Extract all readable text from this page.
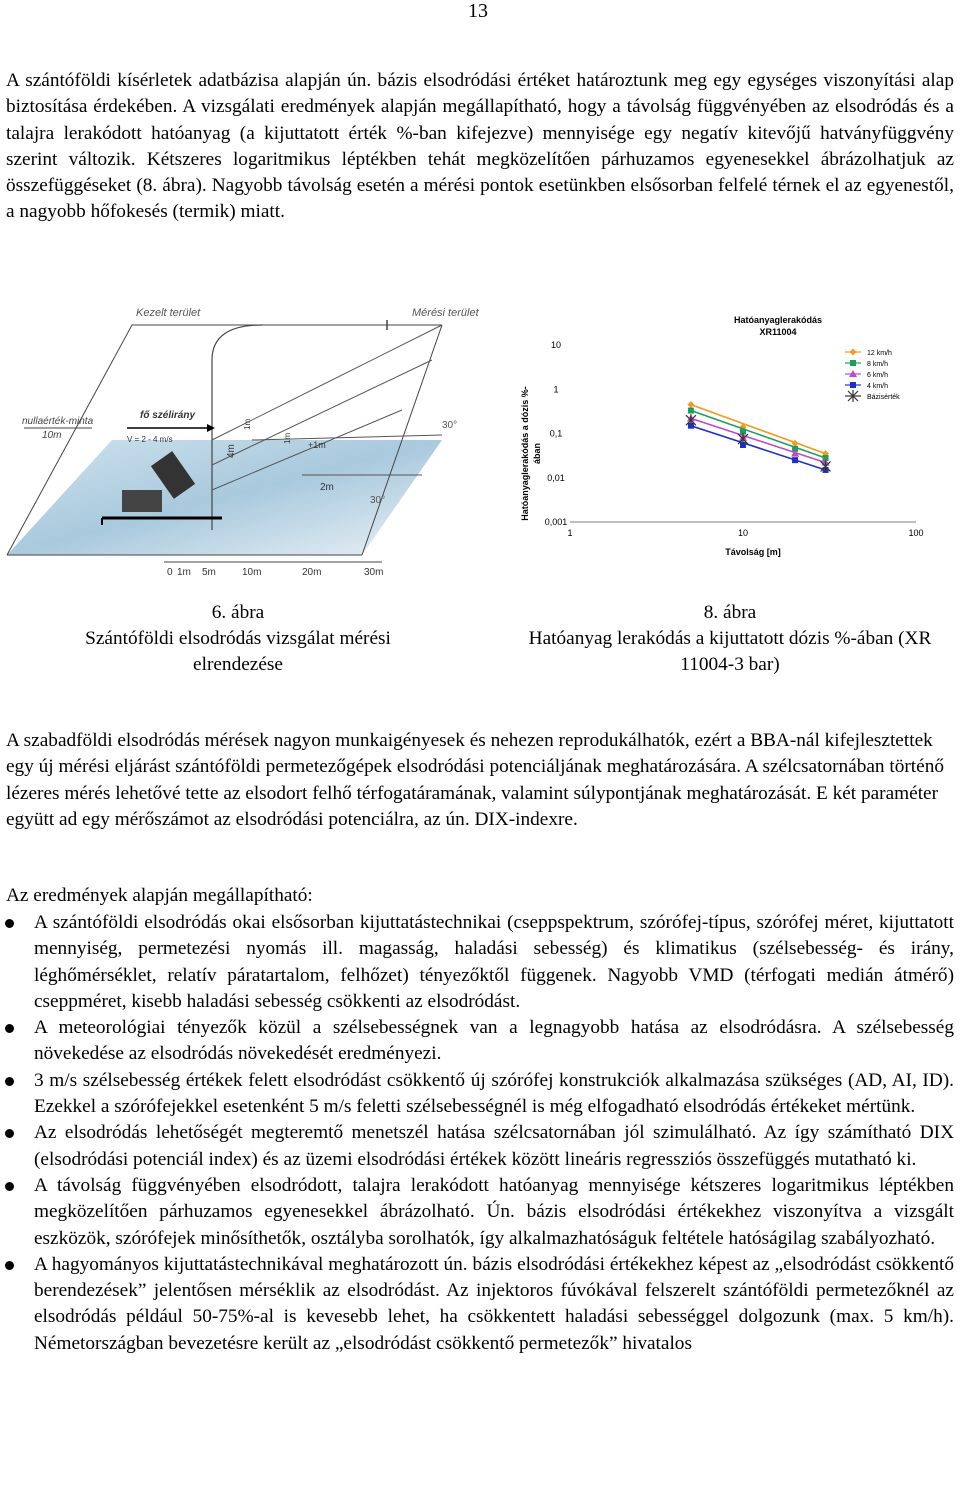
13

A szántóföldi kísérletek adatbázisa alapján ún. bázis elsodródási értéket határoztunk meg egy egységes viszonyítási alap biztosítása érdekében. A vizsgálati eredmények alapján megállapítható, hogy a távolság függvényében az elsodródás és a talajra lerakódott hatóanyag (a kijuttatott érték %-ban kifejezve) mennyisége egy negatív kitevőjű hatványfüggvény szerint változik. Kétszeres logaritmikus léptékben tehát megközelítően párhuzamos egyenesekkel ábrázolhatjuk az összefüggéseket (8. ábra). Nagyobb távolság esetén a mérési pontok esetünkben elsősorban felfelé térnek el az egyenestől, a nagyobb hőfokesés (termik) miatt.

Kezelt terület	Mérési terület
nullaérték-minta
10m
fő szélirány
V = 2 - 4 m/s
4m
1m
1m
+1m
2m
30°
30°
0 1m 5m	10m	20m	30m
6. ábra
Szántóföldi elsodródás vizsgálat mérési elrendezése
Hatóanyaglerakódás
XR11004
10
1
0,1
0,01
0,001
1	10	100
Távolság [m]
Hatóanyaglerakódás a dózis %- ában
12 km/h
8 km/h
6 km/h
4 km/h
Bázisérték
8. ábra
Hatóanyag lerakódás a kijuttatott dózis %-ában (XR 11004-3 bar)

A szabadföldi elsodródás mérések nagyon munkaigényesek és nehezen reprodukálhatók, ezért a BBA-nál kifejlesztettek egy új mérési eljárást szántóföldi permetezőgépek elsodródási potenciáljának meghatározására. A szélcsatornában történő lézeres mérés lehetővé tette az elsodort felhő térfogatáramának, valamint súlypontjának meghatározását. E két paraméter együtt ad egy mérőszámot az elsodródási potenciálra, az ún. DIX-indexre.

Az eredmények alapján megállapítható:

A szántóföldi elsodródás okai elsősorban kijuttatástechnikai (cseppspektrum, szórófej-típus, szórófej méret, kijuttatott mennyiség, permetezési nyomás ill. magasság, haladási sebesség) és klimatikus (szélsebesség- és irány, léghőmérséklet, relatív páratartalom, felhőzet) tényezőktől függenek. Nagyobb VMD (térfogati medián átmérő) cseppméret, kisebb haladási sebesség csökkenti az elsodródást.
A meteorológiai tényezők közül a szélsebességnek van a legnagyobb hatása az elsodródásra. A szélsebesség növekedése az elsodródás növekedését eredményezi.
3 m/s szélsebesség értékek felett elsodródást csökkentő új szórófej konstrukciók alkalmazása szükséges (AD, AI, ID). Ezekkel a szórófejekkel esetenként 5 m/s feletti szélsebességnél is még elfogadható elsodródás értékeket mértünk.
Az elsodródás lehetőségét megteremtő menetszél hatása szélcsatornában jól szimulálható. Az így számítható DIX (elsodródási potenciál index) és az üzemi elsodródási értékek között lineáris regressziós összefüggés mutatható ki.
A távolság függvényében elsodródott, talajra lerakódott hatóanyag mennyisége kétszeres logaritmikus léptékben megközelítően párhuzamos egyenesekkel ábrázolható. Ún. bázis elsodródási értékekhez viszonyítva a vizsgált eszközök, szórófejek minősíthetők, osztályba sorolhatók, így alkalmazhatóságuk feltétele hatóságilag szabályozható.
A hagyományos kijuttatástechnikával meghatározott ún. bázis elsodródási értékekhez képest az „elsodródást csökkentő berendezések” jelentősen mérséklik az elsodródást. Az injektoros fúvókával felszerelt szántóföldi permetezőknél az elsodródás például 50-75%-al is kevesebb lehet, ha csökkentett haladási sebességgel dolgozunk (max. 5 km/h). Németországban bevezetésre került az „elsodródást csökkentő permetezők” hivatalos
